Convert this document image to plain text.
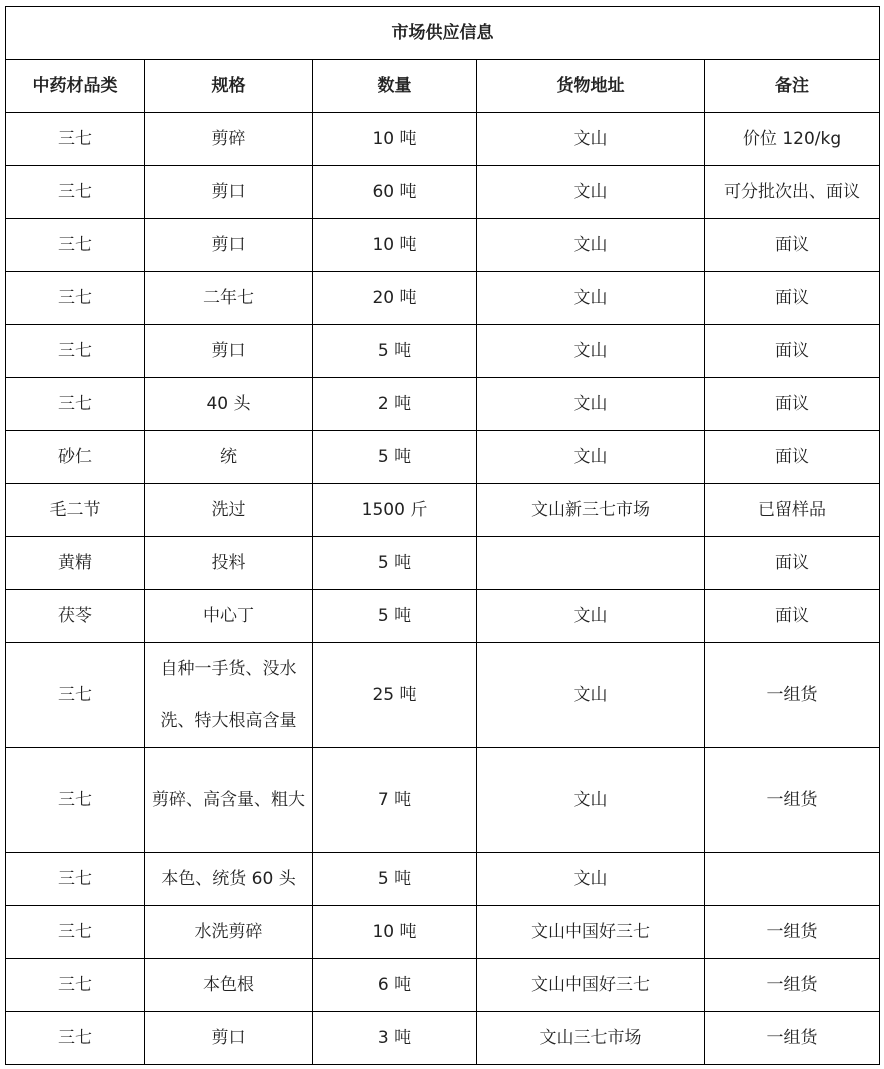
市场供应信息				
中药材品类	规格	数量	货物地址	备注
三七	剪碎	10 吨	文山	价位 120/kg
三七	剪口	60 吨	文山	可分批次出、面议
三七	剪口	10 吨	文山	面议
三七	二年七	20 吨	文山	面议
三七	剪口	5 吨	文山	面议
三七	40 头	2 吨	文山	面议
砂仁	统	5 吨	文山	面议
毛二节	洗过	1500 斤	文山新三七市场	已留样品
黄精	投料	5 吨		面议
茯苓	中心丁	5 吨	文山	面议
三七	自种一手货、没水洗、特大根高含量	25 吨	文山	一组货
三七	剪碎、高含量、粗大	7 吨	文山	一组货
三七	本色、统货 60 头	5 吨	文山	
三七	水洗剪碎	10 吨	文山中国好三七	一组货
三七	本色根	6 吨	文山中国好三七	一组货
三七	剪口	3 吨	文山三七市场	一组货
